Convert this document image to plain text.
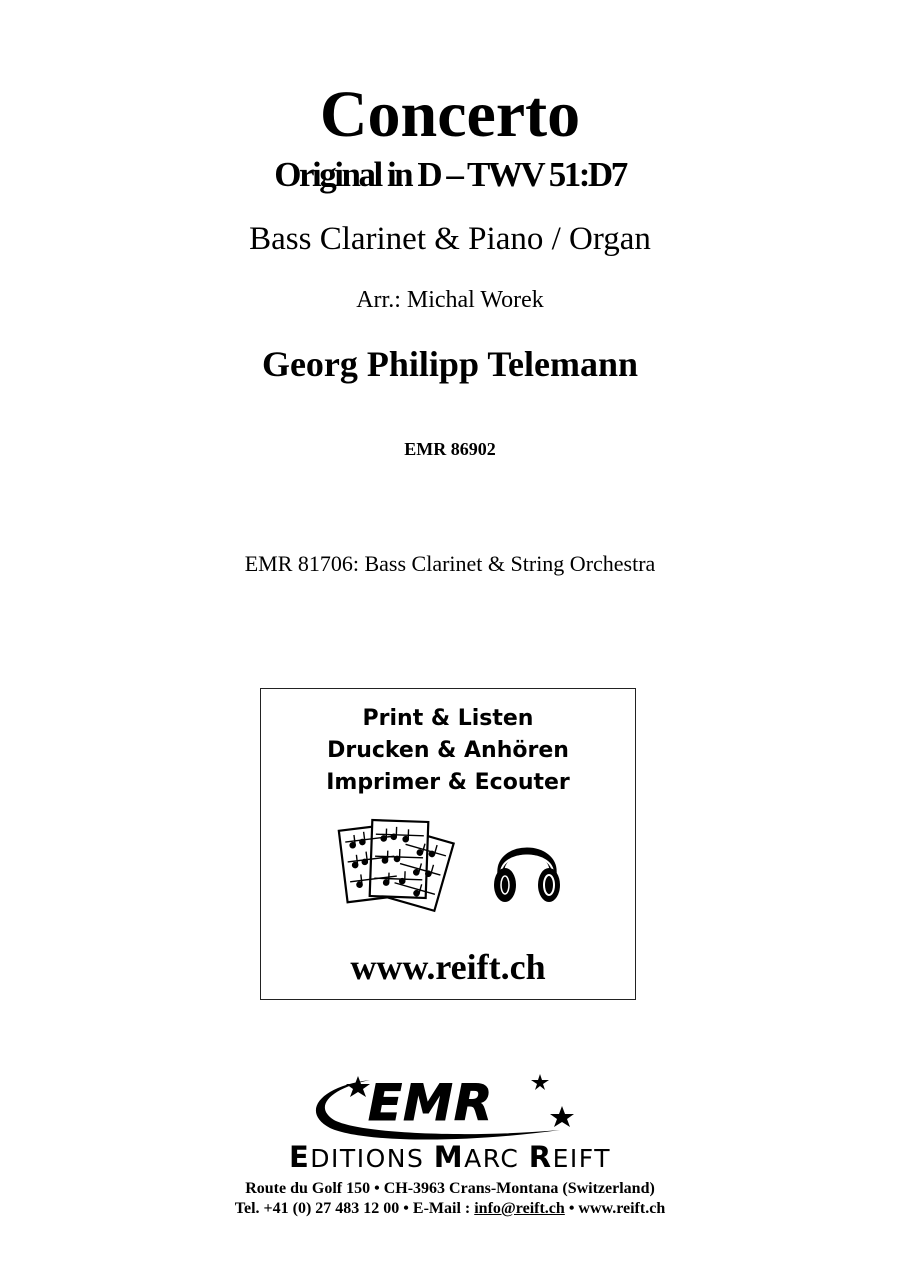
Concerto
Original in D – TWV 51:D7
Bass Clarinet & Piano / Organ
Arr.: Michal Worek
Georg Philipp Telemann
EMR 86902
EMR 81706: Bass Clarinet & String Orchestra
Print & Listen
Drucken & Anhören
Imprimer & Ecouter
www.reift.ch
EMR
EDITIONS MARC REIFT
Route du Golf 150 • CH-3963 Crans-Montana (Switzerland)
Tel. +41 (0) 27 483 12 00 • E-Mail : info@reift.ch • www.reift.ch
